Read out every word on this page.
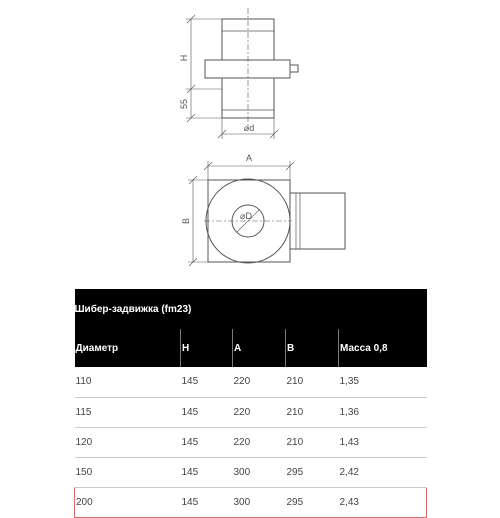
H
55
⌀d
A
B	⌀D
Шибер-задвижка (fm23)				
Диаметр	H	A	B	Масса 0,8
110	145	220	210	1,35
115	145	220	210	1,36
120	145	220	210	1,43
150	145	300	295	2,42
200	145	300	295	2,43
